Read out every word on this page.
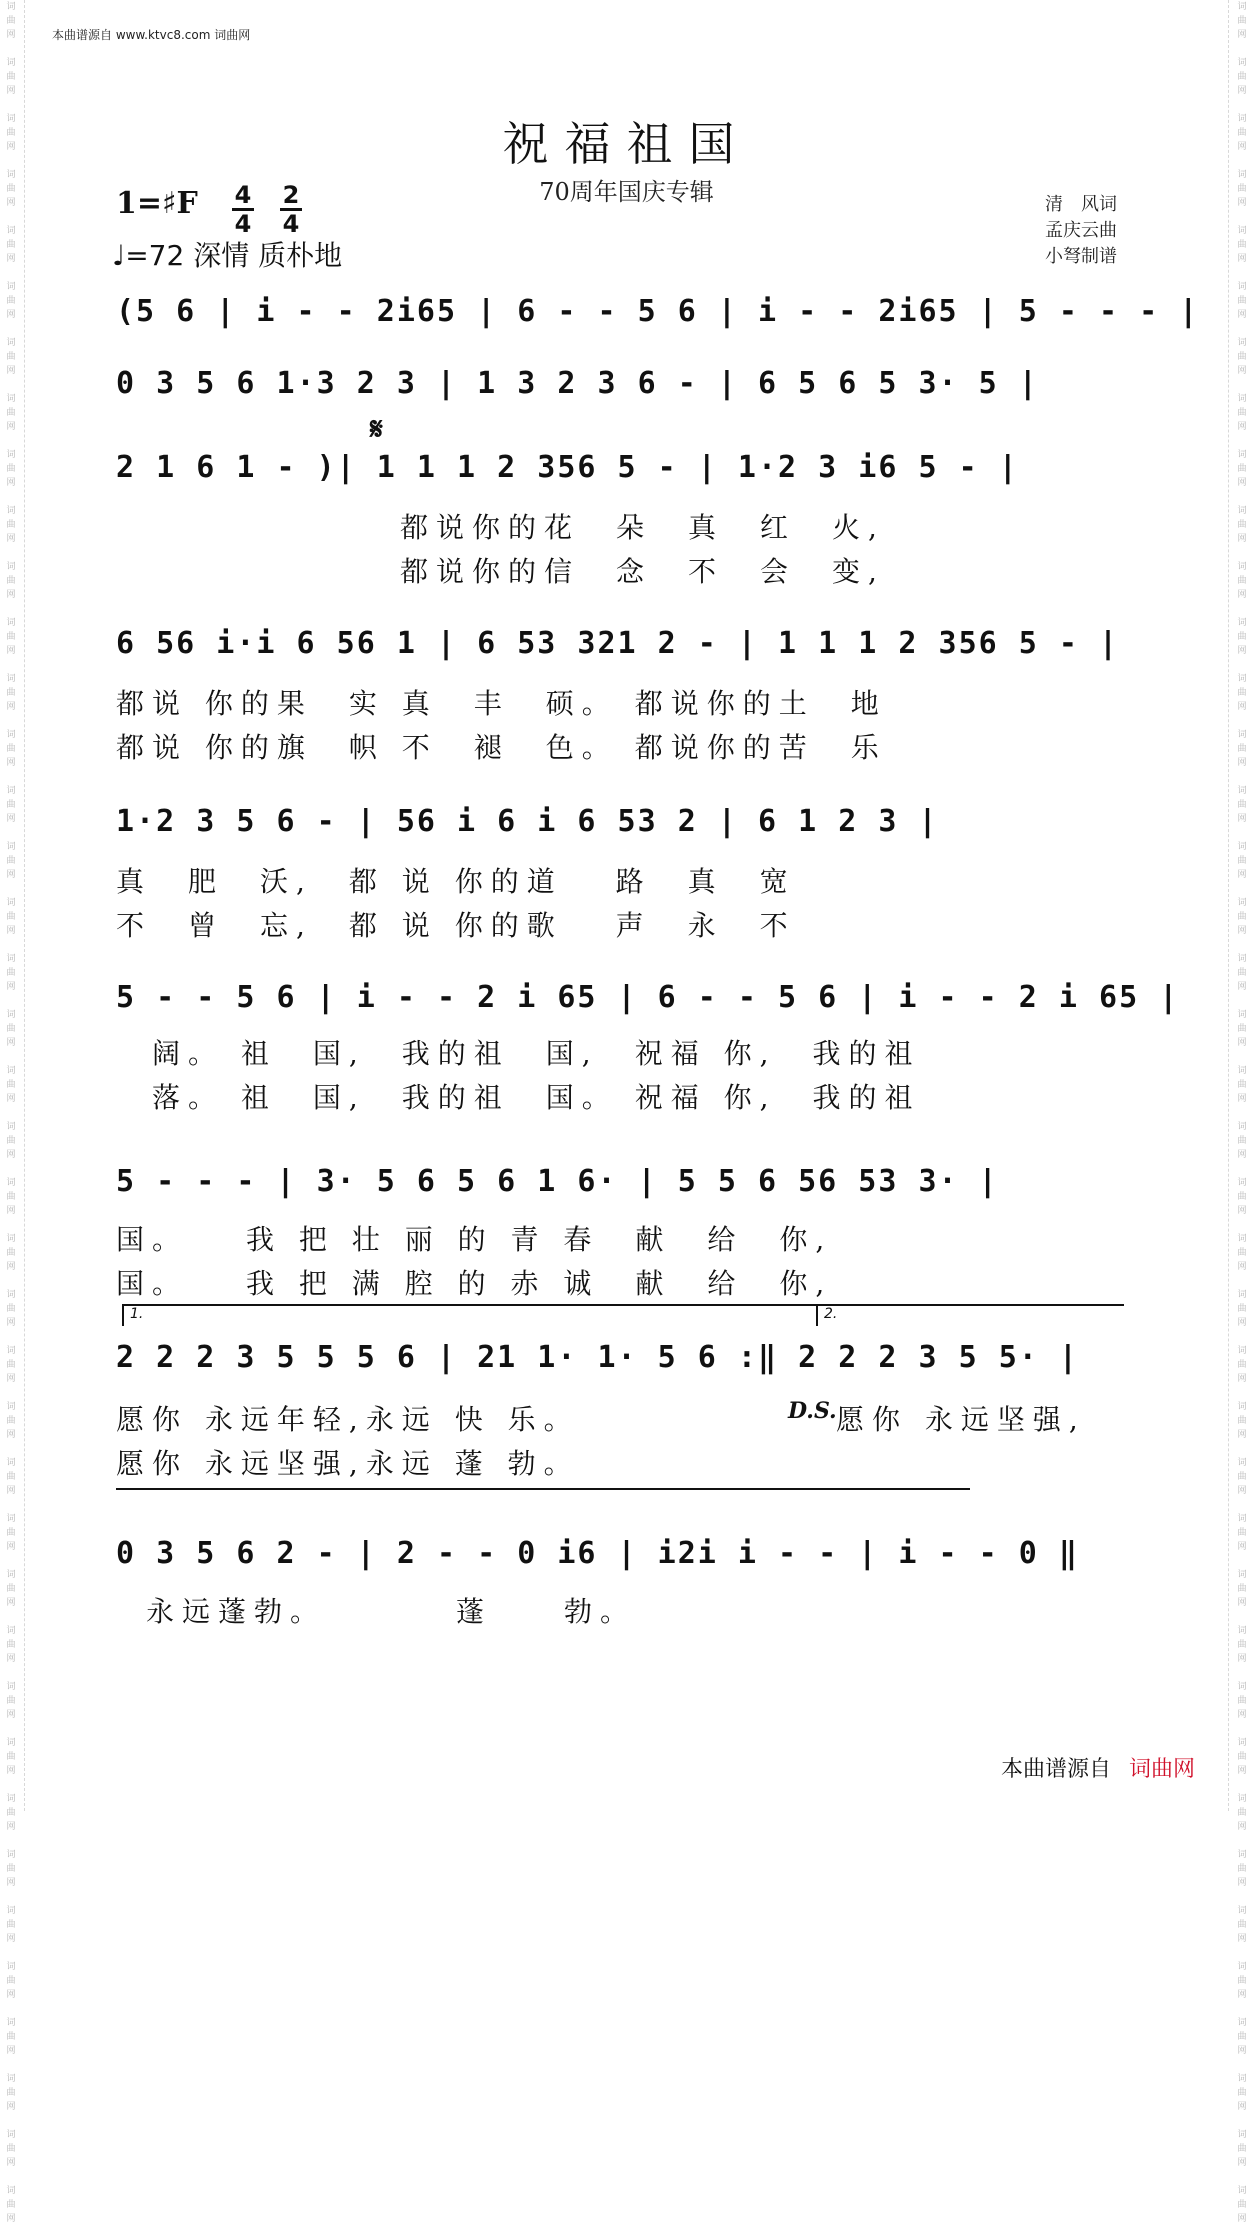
词
曲
网

词
曲
网

词
曲
网

词
曲
网

词
曲
网

词
曲
网

词
曲
网

词
曲
网

词
曲
网

词
曲
网

词
曲
网

词
曲
网

词
曲
网

词
曲
网

词
曲
网

词
曲
网

词
曲
网

词
曲
网

词
曲
网

词
曲
网

词
曲
网

词
曲
网

词
曲
网

词
曲
网

词
曲
网

词
曲
网

词
曲
网

词
曲
网

词
曲
网

词
曲
网

词
曲
网

词
曲
网

词
曲
网

词
曲
网

词
曲
网

词
曲
网

词
曲
网

词
曲
网

词
曲
网

词
曲
网

词
曲
网

词
曲
网

词
曲
网

词
曲
网

词
曲
网

词
曲
网

词
曲
网

词
曲
网

词
曲
网

词
曲
网

词
曲
网

词
曲
网

词
曲
网

词
曲
网

词
曲
网

词
曲
网

词
曲
网

词
曲
网

词
曲
网

词
曲
网

词
曲
网

词
曲
网

词
曲
网

词
曲
网

词
曲
网

词
曲
网

词
曲
网

词
曲
网

词
曲
网

词
曲
网

词
曲
网

词
曲
网

词
曲
网

词
曲
网

词
曲
网

词
曲
网

词
曲
网

词
曲
网

词
曲
网

词
曲
网

本曲谱源自 www.ktvc8.com 词曲网
祝福祖国
70周年国庆专辑
1=♯F 4
4
2
4
♩=72 深情 质朴地
清　风词
孟庆云曲
小弩制谱
(5 6 | i - - 2i65 | 6 - - 5 6 | i - - 2i65 | 5 - - - |
0 3 5 6 1·3 2 3 | 1 3 2 3 6 - | 6 5 6 5 3· 5 |
𝄋
2 1 6 1 - )| 1 1 1 2 356 5 - | 1·2 3 i6 5 - |
都说你的花　朵　真　红　火,
都说你的信　念　不　会　变,
6 56 i·i 6 56 1 | 6 53 321 2 - | 1 1 1 2 356 5 - |
都说 你的果　实 真　丰　硕。 都说你的土　地
都说 你的旗　帜 不　褪　色。 都说你的苦　乐
1·2 3 5 6 - | 56 i 6 i 6 53 2 | 6 1 2 3 |
真　肥　沃,　都 说 你的道　 路　真　宽
不　曾　忘,　都 说 你的歌　 声　永　不
5 - - 5 6 | i - - 2 i 65 | 6 - - 5 6 | i - - 2 i 65 |
阔。 祖　国,　我的祖　国,　祝福 你,　我的祖
落。 祖　国,　我的祖　国。 祝福 你,　我的祖
5 - - - | 3· 5 6 5 6 1 6· | 5 5 6 56 53 3· |
国。　　我 把 壮 丽 的 青 春　献　给　你,
国。　　我 把 满 腔 的 赤 诚　献　给　你,
1.	2.
2 2 2 3 5 5 5 6 | 21 1· 1· 5 6 :‖ 2 2 2 3 5 5· |
愿你 永远年轻,永远 快 乐。
愿你 永远坚强,永远 蓬 勃。
D.S. 愿你 永远坚强,
0 3 5 6 2 - | 2 - - 0 i6 | i2i i - - | i - - 0 ‖
永远蓬勃。　　　　蓬　　勃。
本曲谱源自 词曲网
